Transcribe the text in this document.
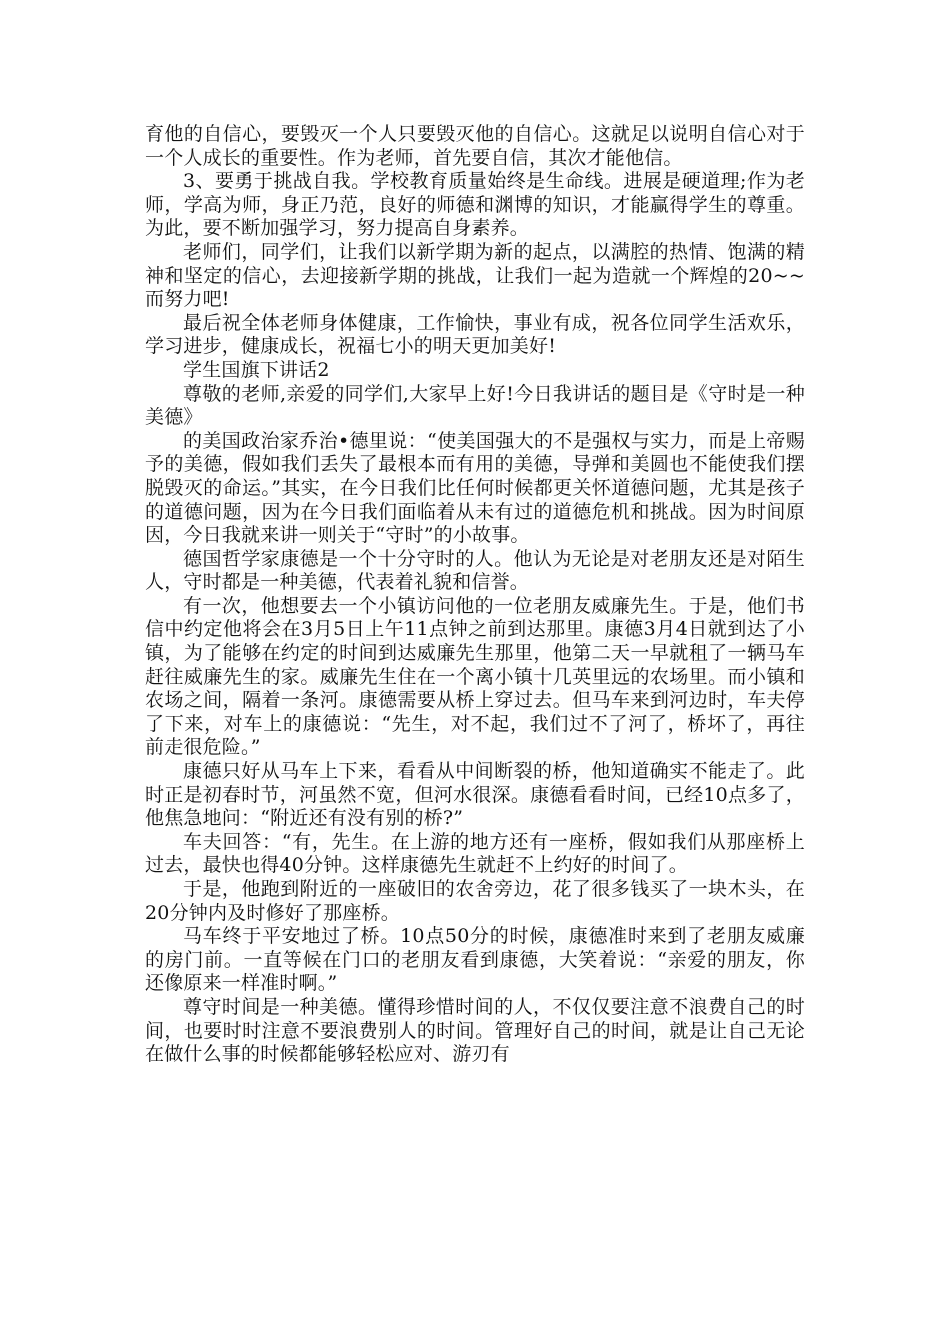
育他的自信心，要毁灭一个人只要毁灭他的自信心。这就足以说明自信心对于一个人成长的重要性。作为老师，首先要自信，其次才能他信。

3、要勇于挑战自我。学校教育质量始终是生命线。进展是硬道理;作为老师，学高为师，身正乃范，良好的师德和渊博的知识，才能赢得学生的尊重。为此，要不断加强学习，努力提高自身素养。

老师们，同学们，让我们以新学期为新的起点，以满腔的热情、饱满的精神和坚定的信心，去迎接新学期的挑战，让我们一起为造就一个辉煌的20~~而努力吧!

最后祝全体老师身体健康，工作愉快，事业有成，祝各位同学生活欢乐，学习进步，健康成长，祝福七小的明天更加美好!

学生国旗下讲话2

尊敬的老师,亲爱的同学们,大家早上好!今日我讲话的题目是《守时是一种美德》

的美国政治家乔治•德里说：“使美国强大的不是强权与实力，而是上帝赐予的美德，假如我们丢失了最根本而有用的美德，导弹和美圆也不能使我们摆脱毁灭的命运。”其实，在今日我们比任何时候都更关怀道德问题，尤其是孩子的道德问题，因为在今日我们面临着从未有过的道德危机和挑战。因为时间原因，今日我就来讲一则关于“守时”的小故事。

德国哲学家康德是一个十分守时的人。他认为无论是对老朋友还是对陌生人，守时都是一种美德，代表着礼貌和信誉。

有一次，他想要去一个小镇访问他的一位老朋友威廉先生。于是，他们书信中约定他将会在3月5日上午11点钟之前到达那里。康德3月4日就到达了小镇，为了能够在约定的时间到达威廉先生那里，他第二天一早就租了一辆马车赶往威廉先生的家。威廉先生住在一个离小镇十几英里远的农场里。而小镇和农场之间，隔着一条河。康德需要从桥上穿过去。但马车来到河边时，车夫停了下来，对车上的康德说：“先生，对不起，我们过不了河了，桥坏了，再往前走很危险。”

康德只好从马车上下来，看看从中间断裂的桥，他知道确实不能走了。此时正是初春时节，河虽然不宽，但河水很深。康德看看时间，已经10点多了，他焦急地问：“附近还有没有别的桥?”

车夫回答：“有，先生。在上游的地方还有一座桥，假如我们从那座桥上过去，最快也得40分钟。这样康德先生就赶不上约好的时间了。

于是，他跑到附近的一座破旧的农舍旁边，花了很多钱买了一块木头，在20分钟内及时修好了那座桥。

马车终于平安地过了桥。10点50分的时候，康德准时来到了老朋友威廉的房门前。一直等候在门口的老朋友看到康德，大笑着说：“亲爱的朋友，你还像原来一样准时啊。”

尊守时间是一种美德。懂得珍惜时间的人，不仅仅要注意不浪费自己的时间，也要时时注意不要浪费别人的时间。管理好自己的时间，就是让自己无论在做什么事的时候都能够轻松应对、游刃有
